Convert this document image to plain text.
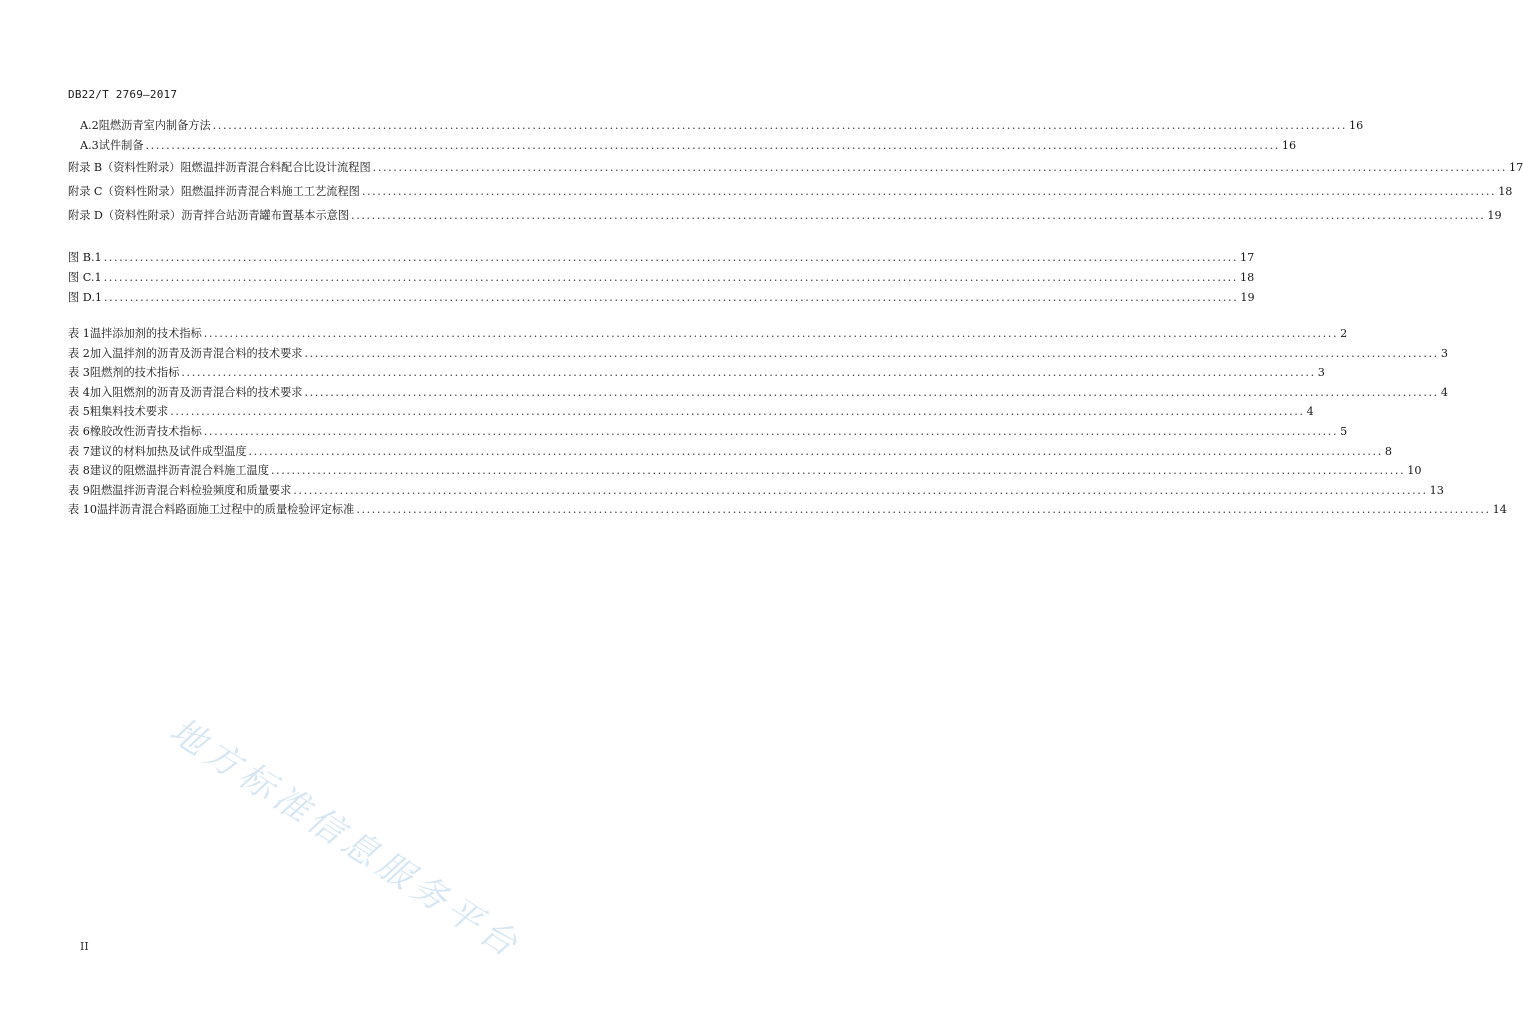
DB22/T 2769—2017
A.2 阻燃沥青室内制备方法 ............................................................................................................................................................................................................................ 16
A.3 试件制备 ............................................................................................................................................................................................................................ 16
附录 B（资料性附录） 阻燃温拌沥青混合料配合比设计流程图 ............................................................................................................................................................................................................................ 17
附录 C（资料性附录） 阻燃温拌沥青混合料施工工艺流程图 ............................................................................................................................................................................................................................ 18
附录 D（资料性附录） 沥青拌合站沥青罐布置基本示意图 ............................................................................................................................................................................................................................ 19
图 B.1 ............................................................................................................................................................................................................................ 17
图 C.1 ............................................................................................................................................................................................................................ 18
图 D.1 ............................................................................................................................................................................................................................ 19
表 1 温拌添加剂的技术指标 ............................................................................................................................................................................................................................ 2
表 2 加入温拌剂的沥青及沥青混合料的技术要求 ............................................................................................................................................................................................................................ 3
表 3 阻燃剂的技术指标 ............................................................................................................................................................................................................................ 3
表 4 加入阻燃剂的沥青及沥青混合料的技术要求 ............................................................................................................................................................................................................................ 4
表 5 粗集料技术要求 ............................................................................................................................................................................................................................ 4
表 6 橡胶改性沥青技术指标 ............................................................................................................................................................................................................................ 5
表 7 建议的材料加热及试件成型温度 ............................................................................................................................................................................................................................ 8
表 8 建议的阻燃温拌沥青混合料施工温度 ............................................................................................................................................................................................................................ 10
表 9 阻燃温拌沥青混合料检验频度和质量要求 ............................................................................................................................................................................................................................ 13
表 10 温拌沥青混合料路面施工过程中的质量检验评定标准 ............................................................................................................................................................................................................................ 14
地方标准信息服务平台
II
